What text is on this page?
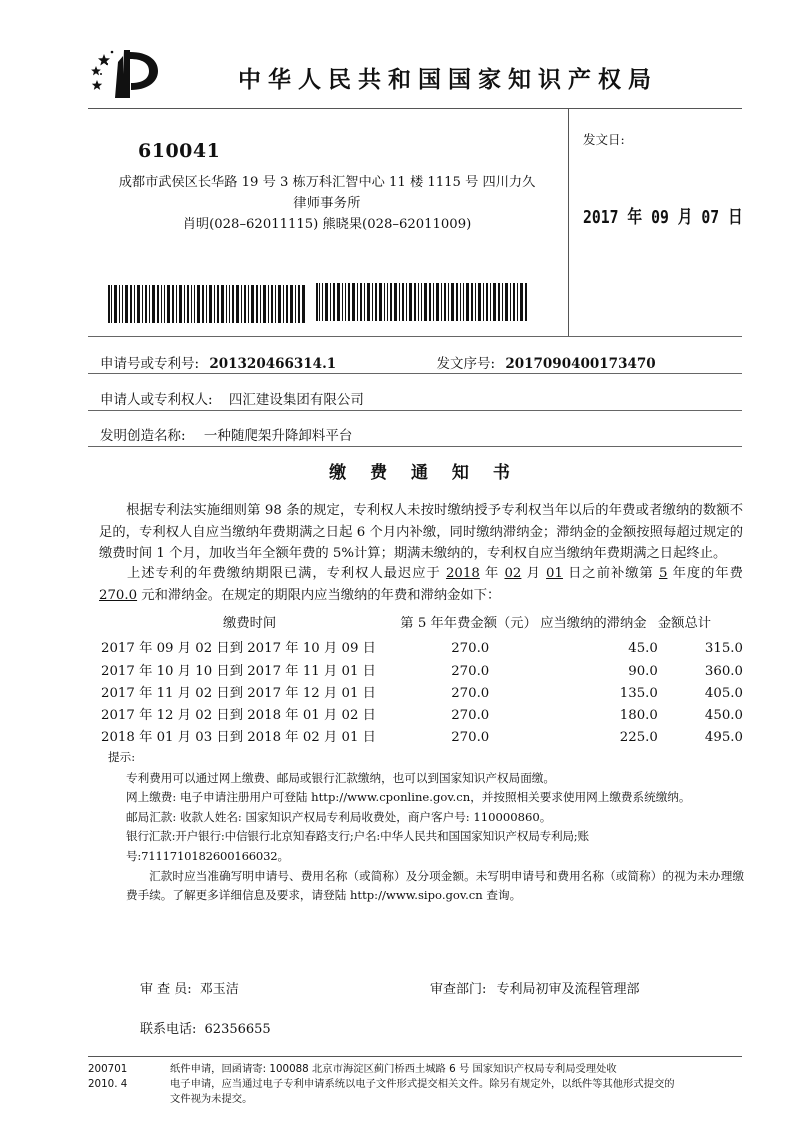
中华人民共和国国家知识产权局
610041
成都市武侯区长华路 19 号 3 栋万科汇智中心 11 楼 1115 号 四川力久
律师事务所
肖明(028–62011115) 熊晓果(028–62011009)
发文日:
2017 年 09 月 07 日
申请号或专利号: 201320466314.1	发文序号: 2017090400173470
申请人或专利权人: 四汇建设集团有限公司
发明创造名称: 一种随爬架升降卸料平台
缴 费 通 知 书
根据专利法实施细则第 98 条的规定，专利权人未按时缴纳授予专利权当年以后的年费或者缴纳的数额不足的，专利权人自应当缴纳年费期满之日起 6 个月内补缴，同时缴纳滞纳金；滞纳金的金额按照每超过规定的缴费时间 1 个月，加收当年全额年费的 5%计算；期满未缴纳的，专利权自应当缴纳年费期满之日起终止。
上述专利的年费缴纳期限已满，专利权人最迟应于 2018 年 02 月 01 日之前补缴第 5 年度的年费 270.0 元和滞纳金。在规定的期限内应当缴纳的年费和滞纳金如下：
缴费时间	第 5 年年费金额（元）	应当缴纳的滞纳金	金额总计
2017 年 09 月 02 日到 2017 年 10 月 09 日	270.0	45.0	315.0
2017 年 10 月 10 日到 2017 年 11 月 01 日	270.0	90.0	360.0
2017 年 11 月 02 日到 2017 年 12 月 01 日	270.0	135.0	405.0
2017 年 12 月 02 日到 2018 年 01 月 02 日	270.0	180.0	450.0
2018 年 01 月 03 日到 2018 年 02 月 01 日	270.0	225.0	495.0
提示:
专利费用可以通过网上缴费、邮局或银行汇款缴纳，也可以到国家知识产权局面缴。
网上缴费: 电子申请注册用户可登陆 http://www.cponline.gov.cn，并按照相关要求使用网上缴费系统缴纳。
邮局汇款: 收款人姓名: 国家知识产权局专利局收费处，商户客户号: 110000860。
银行汇款:开户银行:中信银行北京知春路支行;户名:中华人民共和国国家知识产权局专利局;账号:7111710182600166032。
汇款时应当准确写明申请号、费用名称（或简称）及分项金额。未写明申请号和费用名称（或简称）的视为未办理缴费手续。了解更多详细信息及要求，请登陆 http://www.sipo.gov.cn 查询。
审 查 员: 邓玉洁	审查部门: 专利局初审及流程管理部
联系电话: 62356655
200701
2010. 4
纸件申请，回函请寄: 100088 北京市海淀区蓟门桥西土城路 6 号 国家知识产权局专利局受理处收
电子申请，应当通过电子专利申请系统以电子文件形式提交相关文件。除另有规定外，以纸件等其他形式提交的
文件视为未提交。
